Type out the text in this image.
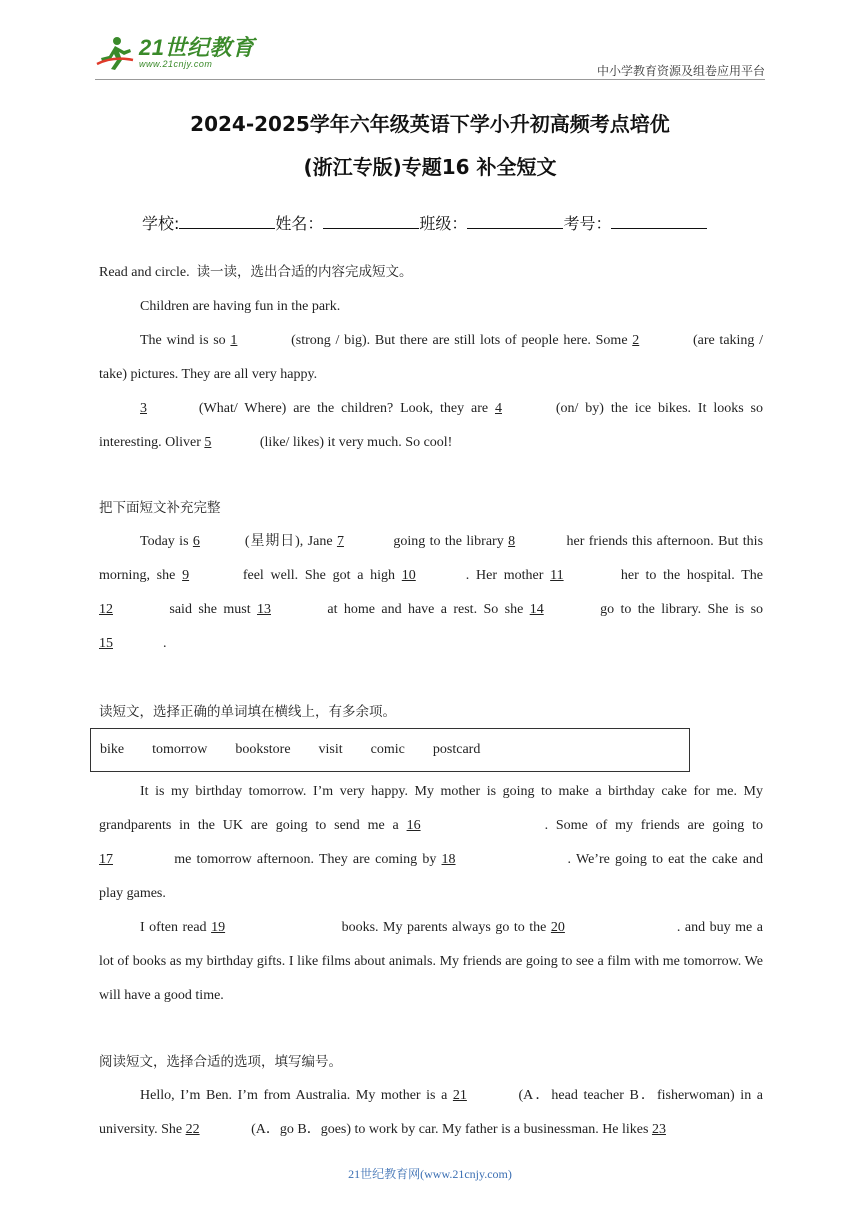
21世纪教育
www.21cnjy.com	中小学教育资源及组卷应用平台
2024-2025学年六年级英语下学小升初高频考点培优
(浙江专版)专题16 补全短文
学校:	姓名：	班级：	考号：

Read and circle. 读一读，选出合适的内容完成短文。

Children are having fun in the park.

The wind is so 1	(strong / big). But there are still lots of people here. Some 2	(are taking / take) pictures. They are all very happy.

3	(What/ Where) are the children? Look, they are 4	(on/ by) the ice bikes. It looks so interesting. Oliver 5	(like/ likes) it very much. So cool!

把下面短文补充完整

Today is 6	(星期日), Jane 7	going to the library 8	her friends this afternoon. But this morning, she 9	feel well. She got a high 10	. Her mother 11	her to the hospital. The 12	said she must 13	at home and have a rest. So she 14	go to the library. She is so 15	.

读短文，选择正确的单词填在横线上，有多余项。

bike tomorrow bookstore visit comic postcard

It is my birthday tomorrow. I’m very happy. My mother is going to make a birthday cake for me. My grandparents in the UK are going to send me a 16	. Some of my friends are going to 17	me tomorrow afternoon. They are coming by 18	. We’re going to eat the cake and play games.

I often read 19	books. My parents always go to the 20	. and buy me a lot of books as my birthday gifts. I like films about animals. My friends are going to see a film with me tomorrow. We will have a good time.

阅读短文，选择合适的选项，填写编号。

Hello, I’m Ben. I’m from Australia. My mother is a 21	(A．head teacher B．fisherwoman) in a university. She 22	(A．go B．goes) to work by car. My father is a businessman. He likes 23

21世纪教育网(www.21cnjy.com)
